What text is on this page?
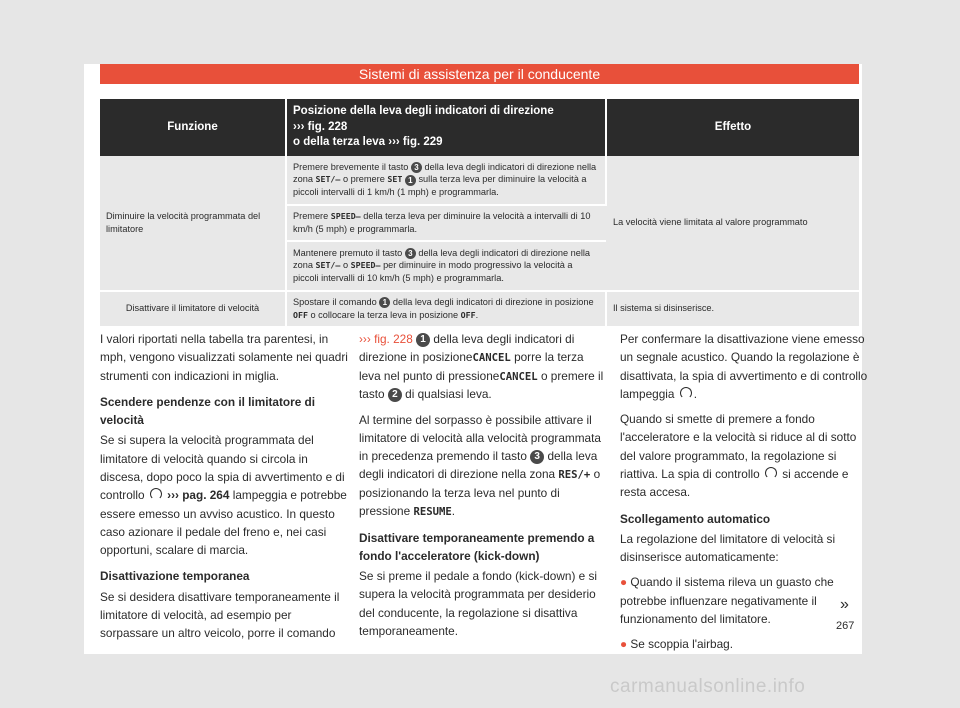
Sistemi di assistenza per il conducente
Funzione	Posizione della leva degli indicatori di direzione
››› fig. 228
o della terza leva ››› fig. 229	Effetto
Diminuire la velocità programmata del limitatore	Premere brevemente il tasto 3 della leva degli indicatori di direzione nella zona SET/– o premere SET 1 sulla terza leva per diminuire la velocità a piccoli intervalli di 1 km/h (1 mph) e programmarla.	La velocità viene limitata al valore programmato
	Premere SPEED– della terza leva per diminuire la velocità a intervalli di 10 km/h (5 mph) e programmarla.	
	Mantenere premuto il tasto 3 della leva degli indicatori di direzione nella zona SET/– o SPEED– per diminuire in modo progressivo la velocità a piccoli intervalli di 10 km/h (5 mph) e programmarla.	
Disattivare il limitatore di velocità	Spostare il comando 1 della leva degli indicatori di direzione in posizione OFF o collocare la terza leva in posizione OFF.	Il sistema si disinserisce.

I valori riportati nella tabella tra parentesi, in mph, vengono visualizzati solamente nei quadri strumenti con indicazioni in miglia.

Scendere pendenze con il limitatore di velocità

Se si supera la velocità programmata del limitatore di velocità quando si circola in discesa, dopo poco la spia di avvertimento e di controllo ››› pag. 264 lampeggia e potrebbe essere emesso un avviso acustico. In questo caso azionare il pedale del freno e, nei casi opportuni, scalare di marcia.

Disattivazione temporanea

Se si desidera disattivare temporaneamente il limitatore di velocità, ad esempio per sorpassare un altro veicolo, porre il comando

››› fig. 228 1 della leva degli indicatori di direzione in posizioneCANCEL porre la terza leva nel punto di pressioneCANCEL o premere il tasto 2 di qualsiasi leva.

Al termine del sorpasso è possibile attivare il limitatore di velocità alla velocità programmata in precedenza premendo il tasto 3 della leva degli indicatori di direzione nella zona RES/+ o posizionando la terza leva nel punto di pressione RESUME.

Disattivare temporaneamente premendo a fondo l'acceleratore (kick-down)

Se si preme il pedale a fondo (kick-down) e si supera la velocità programmata per desiderio del conducente, la regolazione si disattiva temporaneamente.

Per confermare la disattivazione viene emesso un segnale acustico. Quando la regolazione è disattivata, la spia di avvertimento e di controllo lampeggia .

Quando si smette di premere a fondo l'acceleratore e la velocità si riduce al di sotto del valore programmato, la regolazione si riattiva. La spia di controllo si accende e resta accesa.

Scollegamento automatico

La regolazione del limitatore di velocità si disinserisce automaticamente:

● Quando il sistema rileva un guasto che potrebbe influenzare negativamente il funzionamento del limitatore.

● Se scoppia l'airbag.

»
267
carmanualsonline.info
